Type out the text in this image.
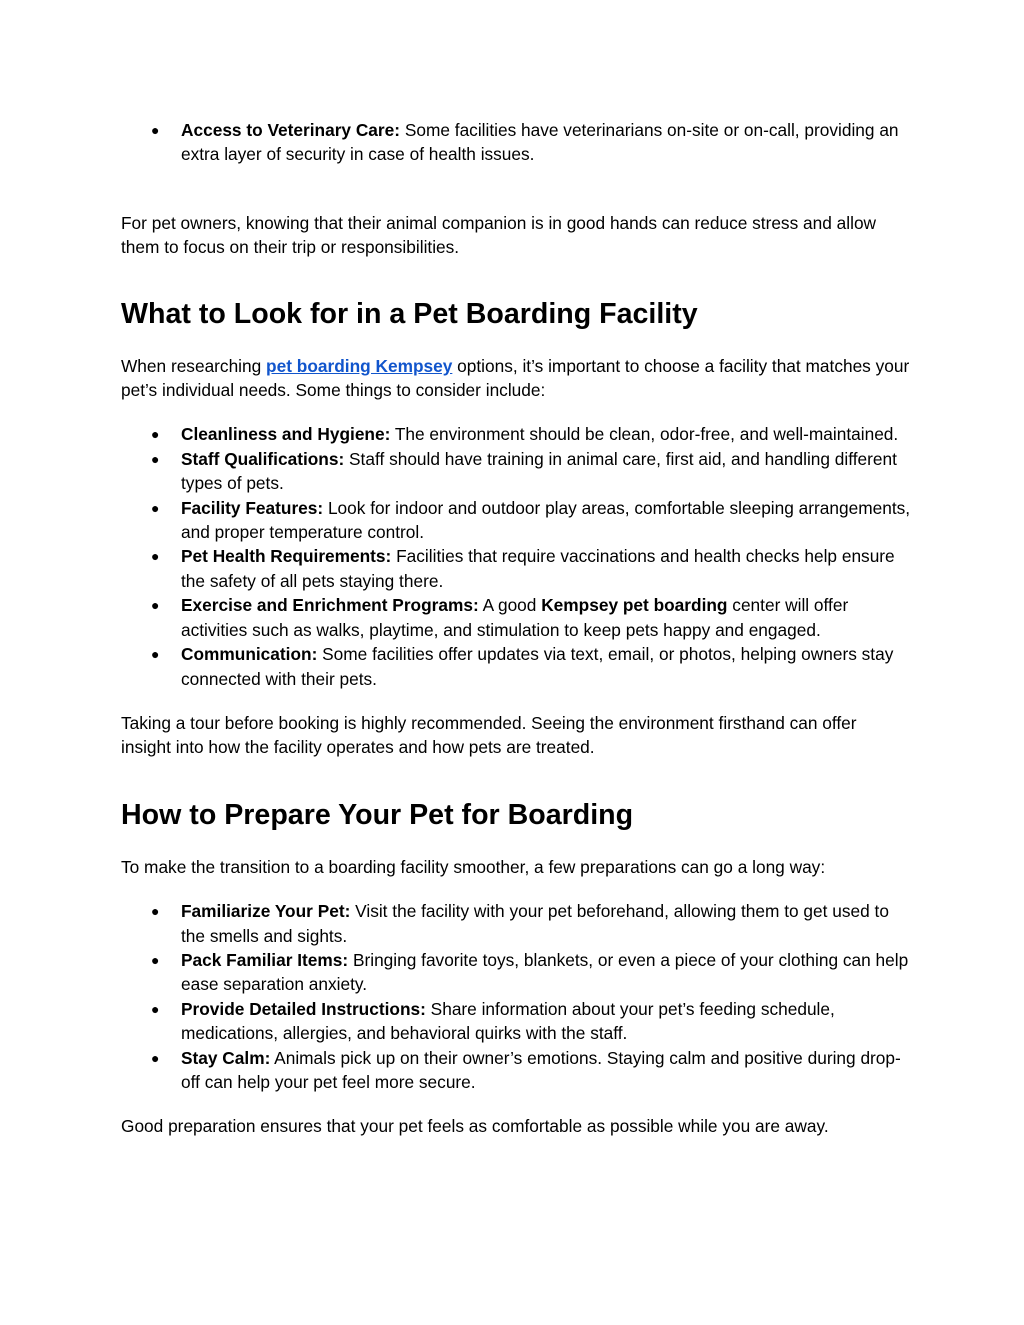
● Access to Veterinary Care: Some facilities have veterinarians on-site or on-call, providing an extra layer of security in case of health issues.

For pet owners, knowing that their animal companion is in good hands can reduce stress and allow them to focus on their trip or responsibilities.

What to Look for in a Pet Boarding Facility

When researching pet boarding Kempsey options, it’s important to choose a facility that matches your pet’s individual needs. Some things to consider include:

● Cleanliness and Hygiene: The environment should be clean, odor-free, and well-maintained.
● Staff Qualifications: Staff should have training in animal care, first aid, and handling different types of pets.
● Facility Features: Look for indoor and outdoor play areas, comfortable sleeping arrangements, and proper temperature control.
● Pet Health Requirements: Facilities that require vaccinations and health checks help ensure the safety of all pets staying there.
● Exercise and Enrichment Programs: A good Kempsey pet boarding center will offer activities such as walks, playtime, and stimulation to keep pets happy and engaged.
● Communication: Some facilities offer updates via text, email, or photos, helping owners stay connected with their pets.

Taking a tour before booking is highly recommended. Seeing the environment firsthand can offer insight into how the facility operates and how pets are treated.

How to Prepare Your Pet for Boarding

To make the transition to a boarding facility smoother, a few preparations can go a long way:

● Familiarize Your Pet: Visit the facility with your pet beforehand, allowing them to get used to the smells and sights.
● Pack Familiar Items: Bringing favorite toys, blankets, or even a piece of your clothing can help ease separation anxiety.
● Provide Detailed Instructions: Share information about your pet’s feeding schedule, medications, allergies, and behavioral quirks with the staff.
● Stay Calm: Animals pick up on their owner’s emotions. Staying calm and positive during drop-off can help your pet feel more secure.

Good preparation ensures that your pet feels as comfortable as possible while you are away.
